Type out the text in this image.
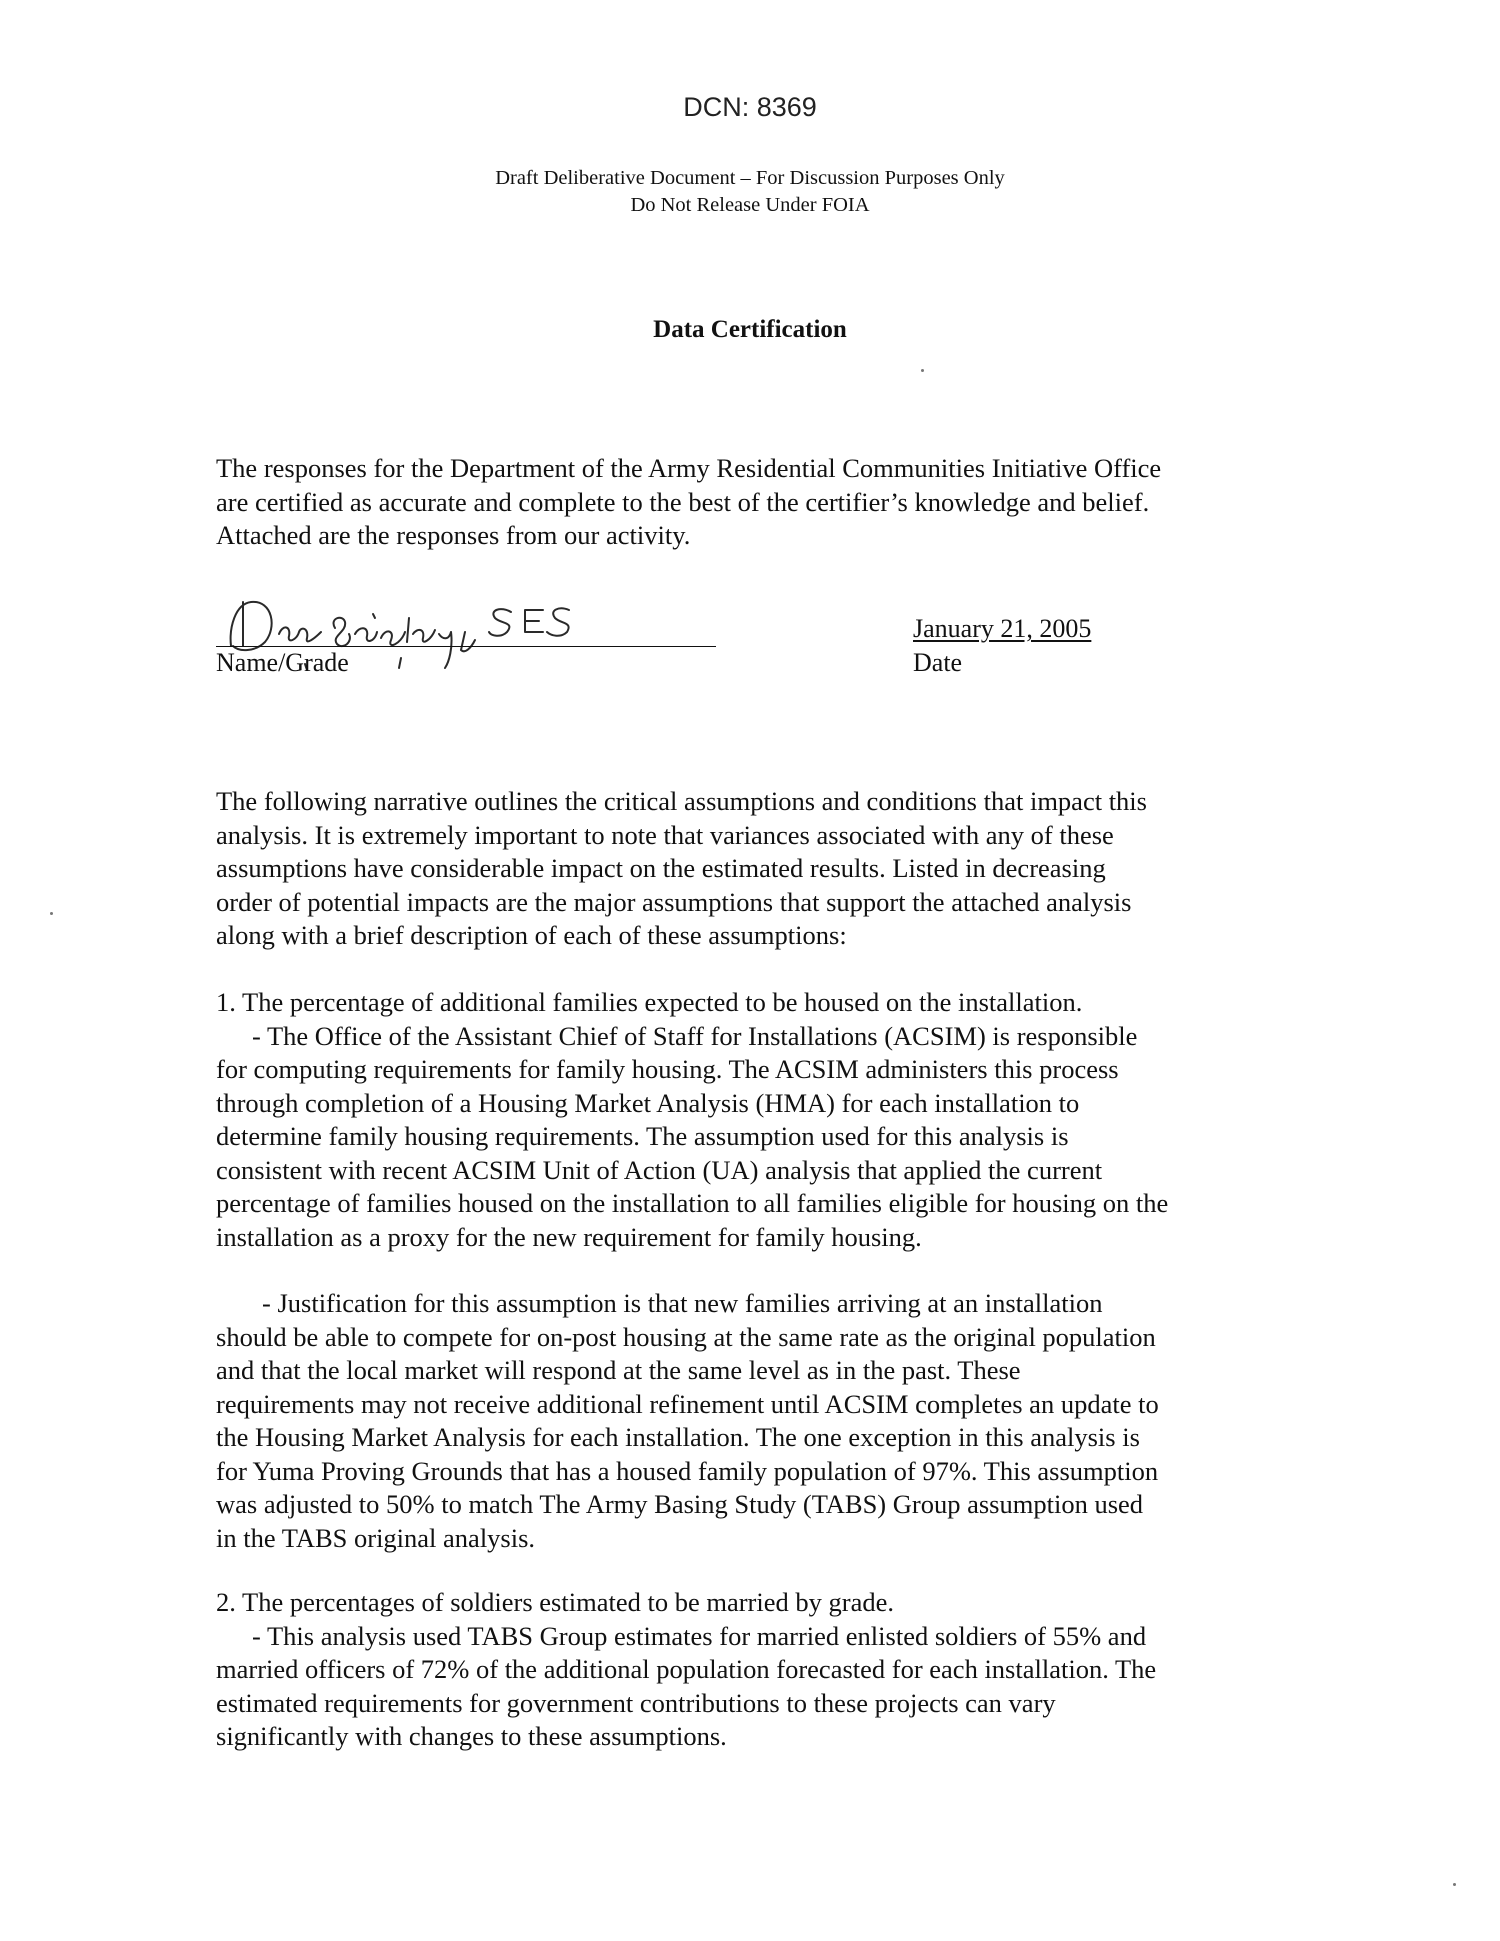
DCN: 8369
Draft Deliberative Document – For Discussion Purposes Only
Do Not Release Under FOIA
Data Certification
The responses for the Department of the Army Residential Communities Initiative Office
are certified as accurate and complete to the best of the certifier’s knowledge and belief.
Attached are the responses from our activity.
Name/Grade
January 21, 2005
Date
The following narrative outlines the critical assumptions and conditions that impact this
analysis. It is extremely important to note that variances associated with any of these
assumptions have considerable impact on the estimated results. Listed in decreasing
order of potential impacts are the major assumptions that support the attached analysis
along with a brief description of each of these assumptions:
1. The percentage of additional families expected to be housed on the installation.
- The Office of the Assistant Chief of Staff for Installations (ACSIM) is responsible
for computing requirements for family housing. The ACSIM administers this process
through completion of a Housing Market Analysis (HMA) for each installation to
determine family housing requirements. The assumption used for this analysis is
consistent with recent ACSIM Unit of Action (UA) analysis that applied the current
percentage of families housed on the installation to all families eligible for housing on the
installation as a proxy for the new requirement for family housing.
- Justification for this assumption is that new families arriving at an installation
should be able to compete for on-post housing at the same rate as the original population
and that the local market will respond at the same level as in the past. These
requirements may not receive additional refinement until ACSIM completes an update to
the Housing Market Analysis for each installation. The one exception in this analysis is
for Yuma Proving Grounds that has a housed family population of 97%. This assumption
was adjusted to 50% to match The Army Basing Study (TABS) Group assumption used
in the TABS original analysis.
2. The percentages of soldiers estimated to be married by grade.
- This analysis used TABS Group estimates for married enlisted soldiers of 55% and
married officers of 72% of the additional population forecasted for each installation. The
estimated requirements for government contributions to these projects can vary
significantly with changes to these assumptions.
